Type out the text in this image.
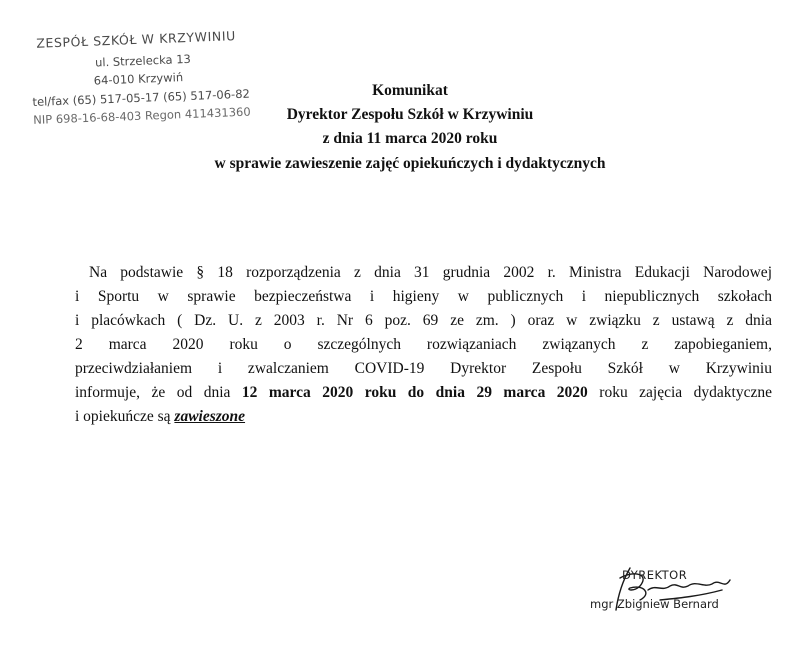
ZESPÓŁ SZKÓŁ W KRZYWINIU
ul. Strzelecka 13
64-010 Krzywiń
tel/fax (65) 517-05-17 (65) 517-06-82
NIP 698-16-68-403 Regon 411431360
Komunikat
Dyrektor Zespołu Szkół w Krzywiniu
z dnia 11 marca 2020 roku
w sprawie zawieszenie zajęć opiekuńczych i dydaktycznych
Na podstawie § 18 rozporządzenia z dnia 31 grudnia 2002 r. Ministra Edukacji Narodowej
i Sportu w sprawie bezpieczeństwa i higieny w publicznych i niepublicznych szkołach
i placówkach ( Dz. U. z 2003 r. Nr 6 poz. 69 ze zm. ) oraz w związku z ustawą z dnia
2 marca 2020 roku o szczególnych rozwiązaniach związanych z zapobieganiem,
przeciwdziałaniem i zwalczaniem COVID-19 Dyrektor Zespołu Szkół w Krzywiniu
informuje, że od dnia 12 marca 2020 roku do dnia 29 marca 2020 roku zajęcia dydaktyczne
i opiekuńcze są zawieszone
DYREKTOR
mgr Zbigniew Bernard
